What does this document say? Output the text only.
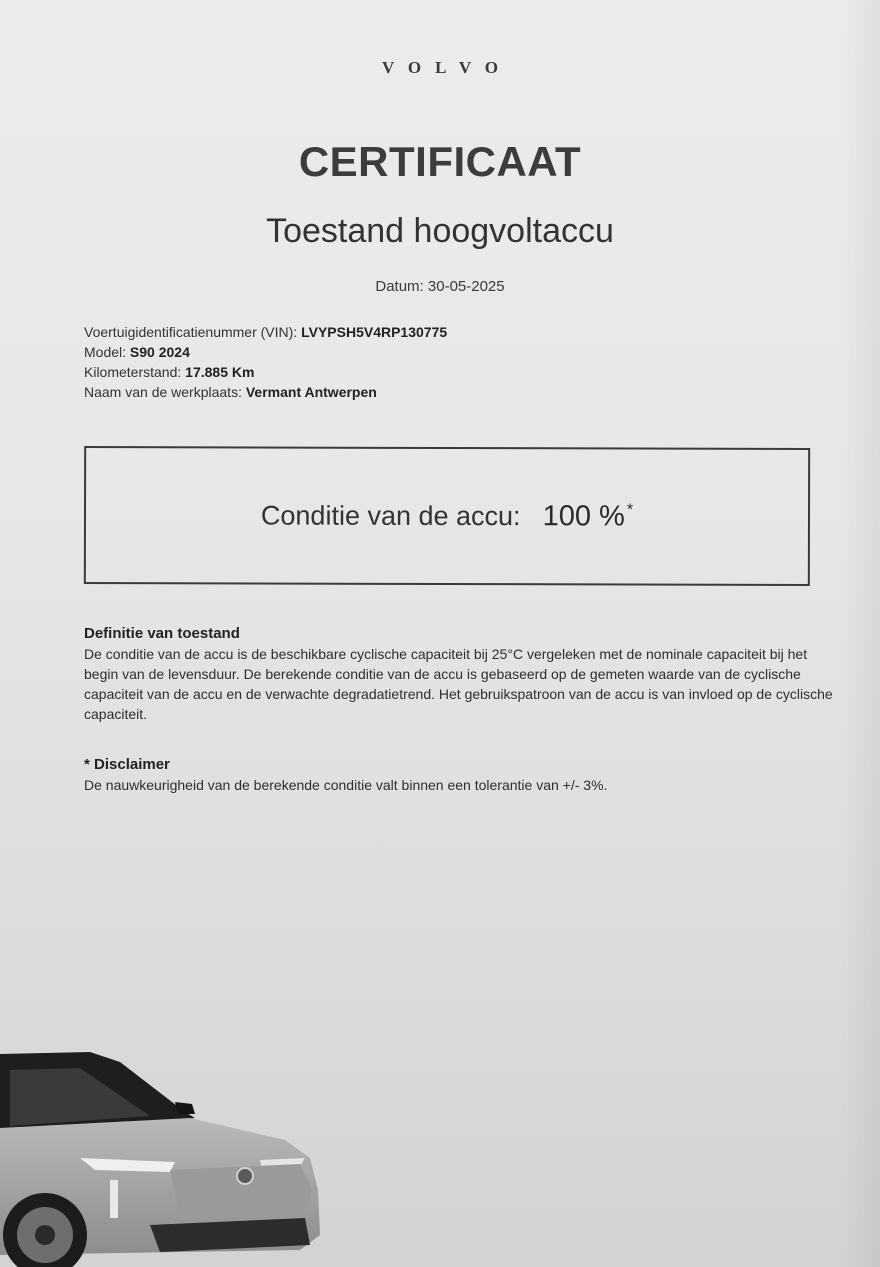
VOLVO
CERTIFICAAT
Toestand hoogvoltaccu
Datum: 30-05-2025
Voertuigidentificatienummer (VIN): LVYPSH5V4RP130775
Model: S90 2024
Kilometerstand: 17.885 Km
Naam van de werkplaats: Vermant Antwerpen
Conditie van de accu: 100 % *
Definitie van toestand

De conditie van de accu is de beschikbare cyclische capaciteit bij 25°C vergeleken met de nominale capaciteit bij het begin van de levensduur. De berekende conditie van de accu is gebaseerd op de gemeten waarde van de cyclische capaciteit van de accu en de verwachte degradatietrend. Het gebruikspatroon van de accu is van invloed op de cyclische capaciteit.

* Disclaimer

De nauwkeurigheid van de berekende conditie valt binnen een tolerantie van +/- 3%.
